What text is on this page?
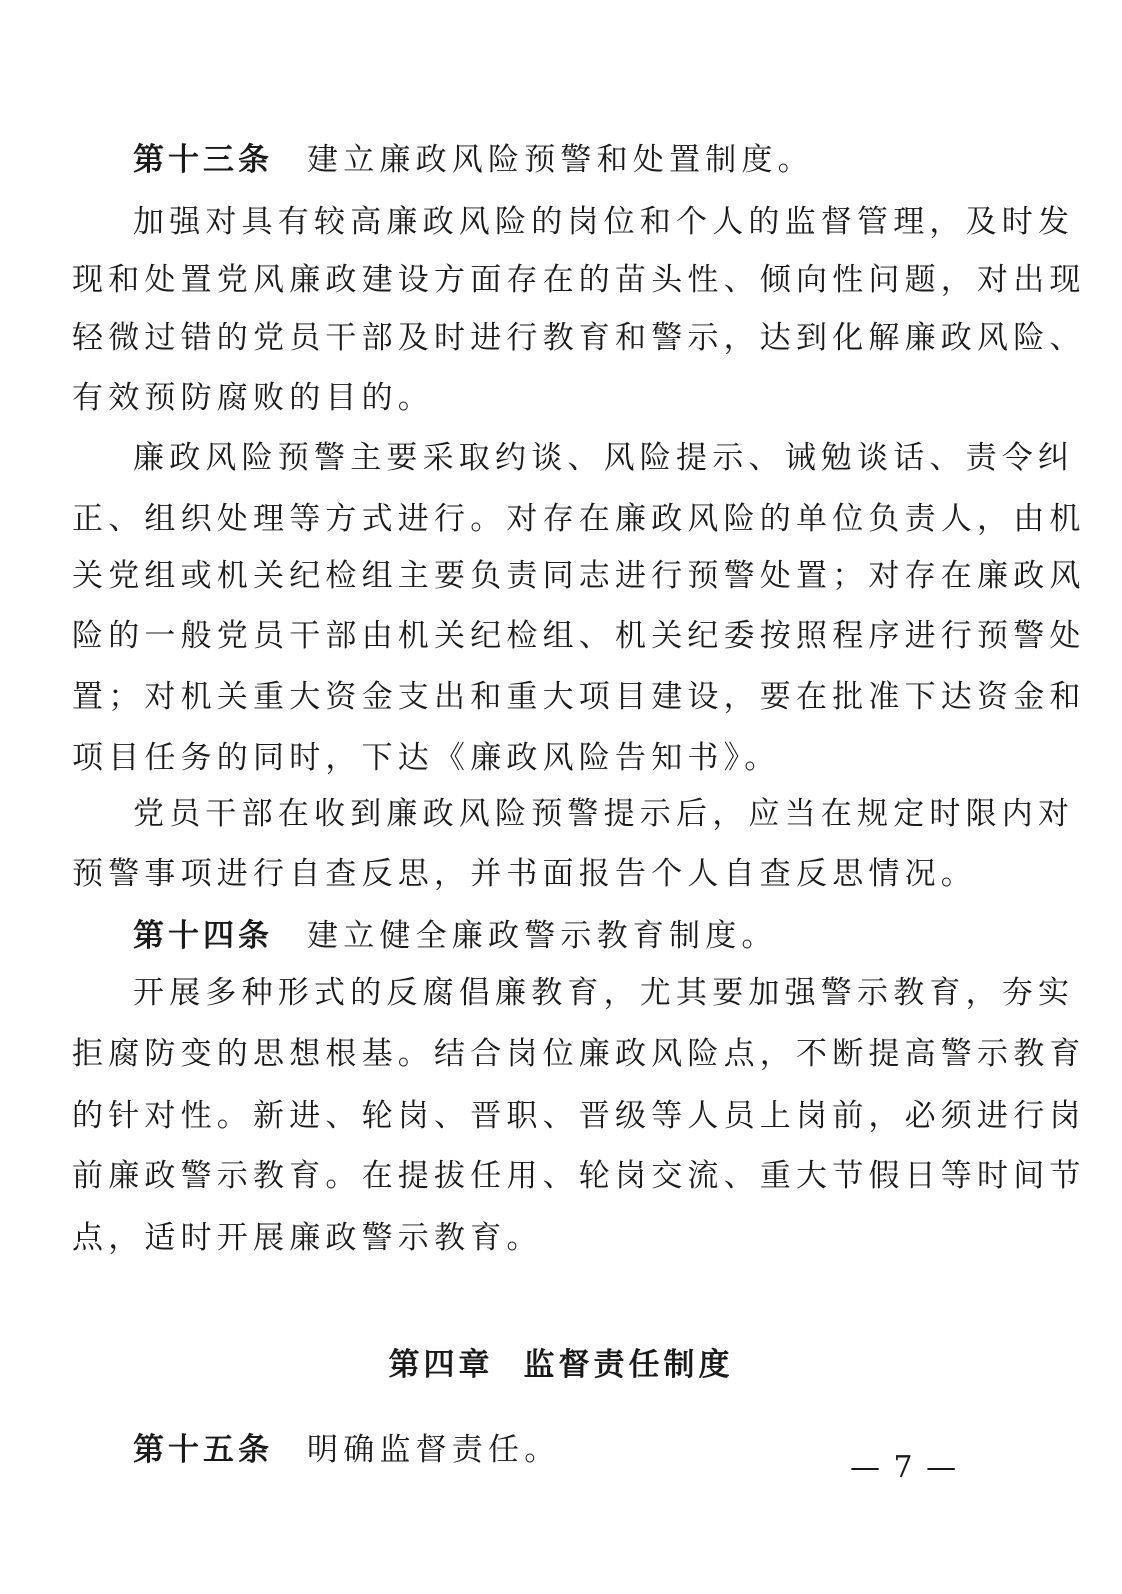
第十三条 建立廉政风险预警和处置制度。
加强对具有较高廉政风险的岗位和个人的监督管理，及时发
现和处置党风廉政建设方面存在的苗头性、倾向性问题，对出现
轻微过错的党员干部及时进行教育和警示，达到化解廉政风险、
有效预防腐败的目的。
廉政风险预警主要采取约谈、风险提示、诫勉谈话、责令纠
正、组织处理等方式进行。对存在廉政风险的单位负责人，由机
关党组或机关纪检组主要负责同志进行预警处置；对存在廉政风
险的一般党员干部由机关纪检组、机关纪委按照程序进行预警处
置；对机关重大资金支出和重大项目建设，要在批准下达资金和
项目任务的同时，下达《廉政风险告知书》。
党员干部在收到廉政风险预警提示后，应当在规定时限内对
预警事项进行自查反思，并书面报告个人自查反思情况。
第十四条 建立健全廉政警示教育制度。
开展多种形式的反腐倡廉教育，尤其要加强警示教育，夯实
拒腐防变的思想根基。结合岗位廉政风险点，不断提高警示教育
的针对性。新进、轮岗、晋职、晋级等人员上岗前，必须进行岗
前廉政警示教育。在提拔任用、轮岗交流、重大节假日等时间节
点，适时开展廉政警示教育。
第四章 监督责任制度
第十五条 明确监督责任。	— 7 —
